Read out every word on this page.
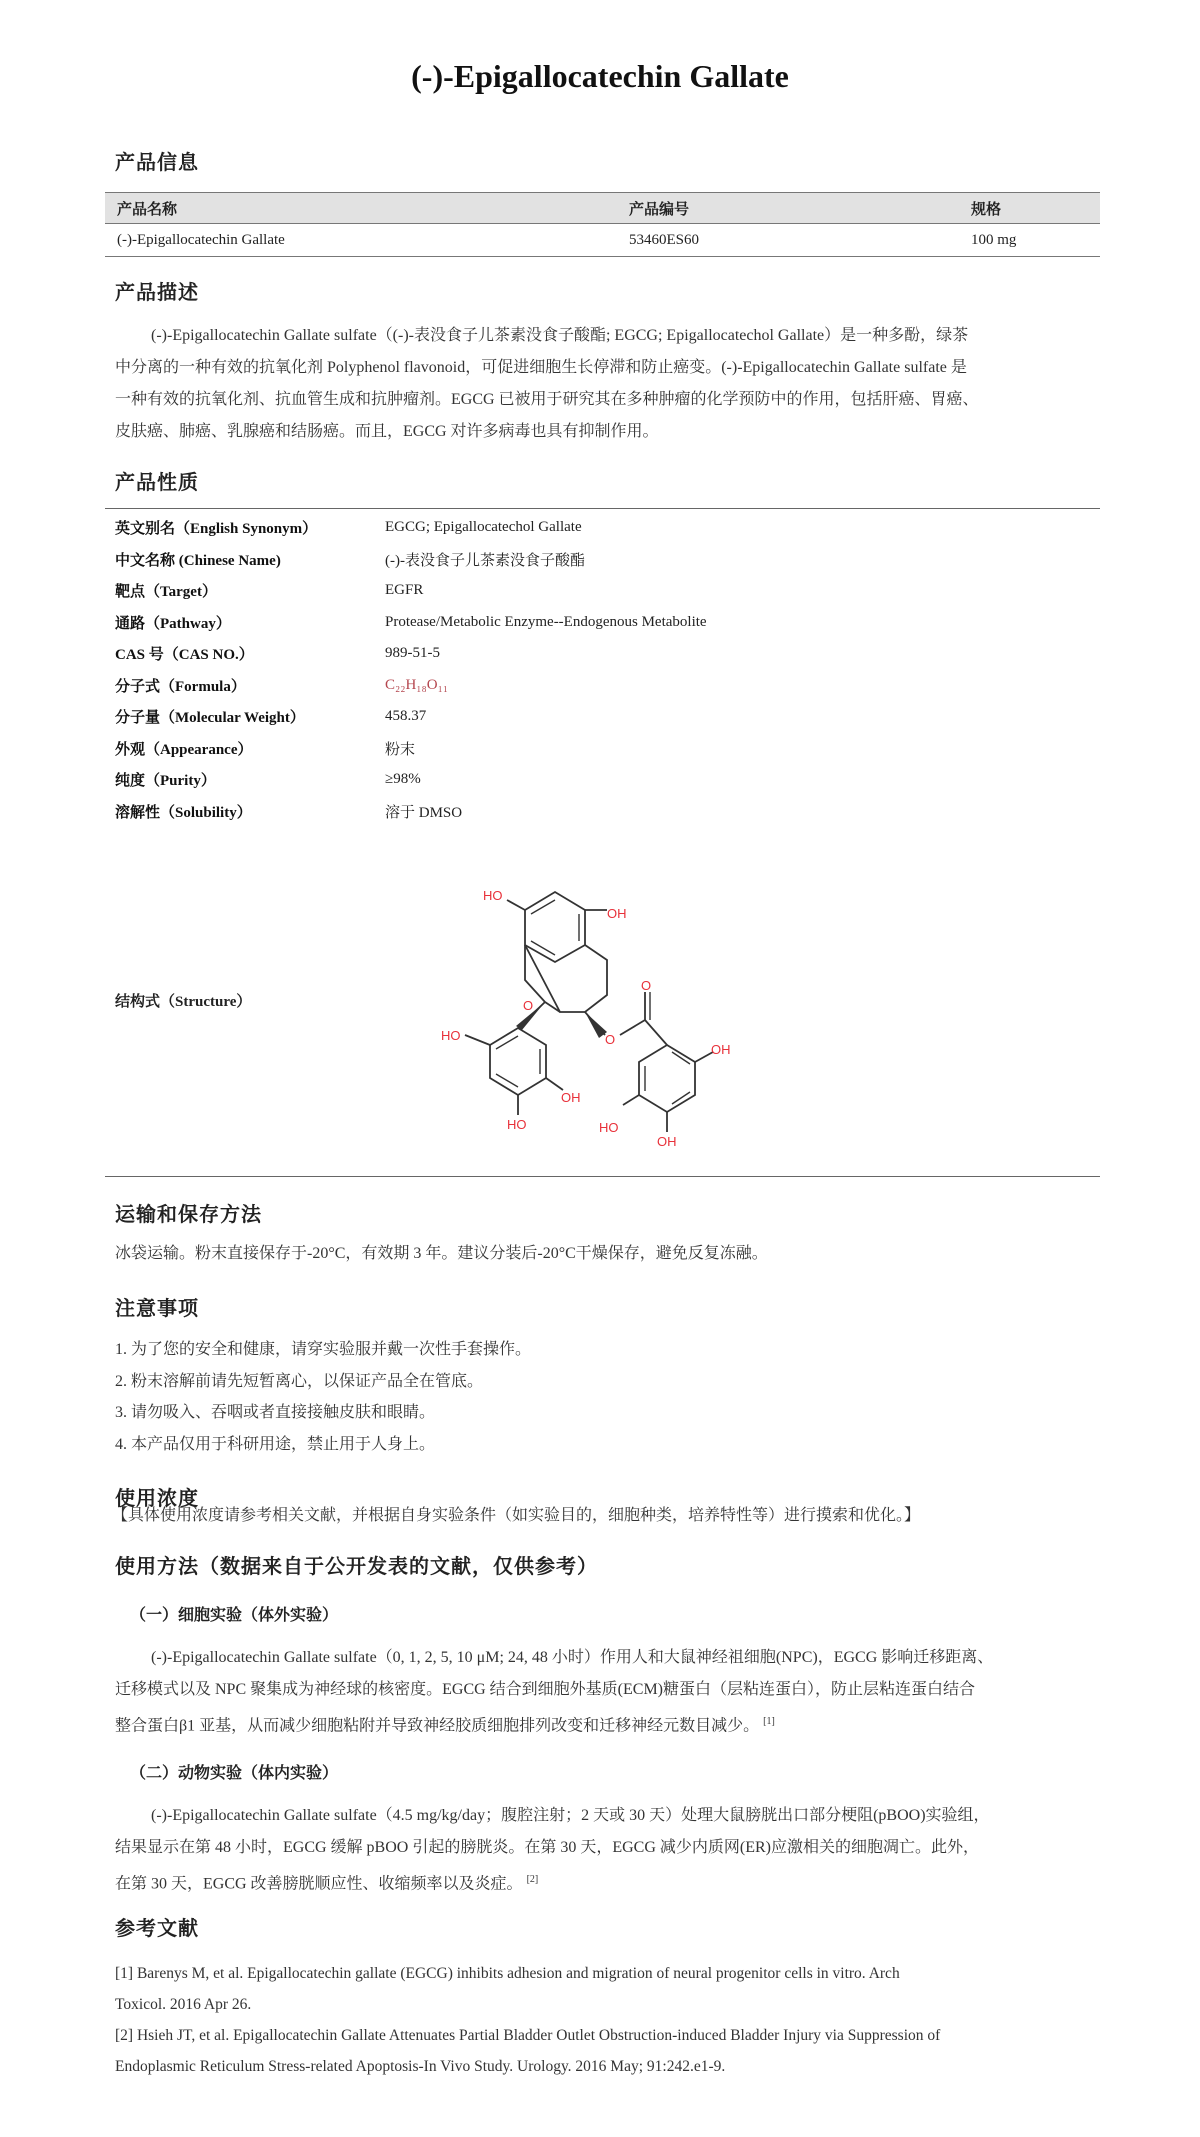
(-)-Epigallocatechin Gallate
产品信息
产品名称	产品编号	规格
(-)-Epigallocatechin Gallate	53460ES60	100 mg
产品描述
(-)-Epigallocatechin Gallate sulfate（(-)-表没食子儿茶素没食子酸酯; EGCG; Epigallocatechol Gallate）是一种多酚，绿茶
中分离的一种有效的抗氧化剂 Polyphenol flavonoid，可促进细胞生长停滞和防止癌变。(-)-Epigallocatechin Gallate sulfate 是
一种有效的抗氧化剂、抗血管生成和抗肿瘤剂。EGCG 已被用于研究其在多种肿瘤的化学预防中的作用，包括肝癌、胃癌、
皮肤癌、肺癌、乳腺癌和结肠癌。而且，EGCG 对许多病毒也具有抑制作用。
产品性质
英文别名（English Synonym）	EGCG; Epigallocatechol Gallate
中文名称 (Chinese Name)	(-)-表没食子儿茶素没食子酸酯
靶点（Target）	EGFR
通路（Pathway）	Protease/Metabolic Enzyme--Endogenous Metabolite
CAS 号（CAS NO.）	989-51-5
分子式（Formula）	C₂₂H₁₈O₁₁
分子量（Molecular Weight）	458.37
外观（Appearance）	粉末
纯度（Purity）	≥98%
溶解性（Solubility）	溶于 DMSO
结构式（Structure）
HO
OH
O
O
O
HO
HO
OH
OH
HO
OH
运输和保存方法
冰袋运输。粉末直接保存于-20°C，有效期 3 年。建议分装后-20°C干燥保存，避免反复冻融。
注意事项
1. 为了您的安全和健康，请穿实验服并戴一次性手套操作。
2. 粉末溶解前请先短暂离心，以保证产品全在管底。
3. 请勿吸入、吞咽或者直接接触皮肤和眼睛。
4. 本产品仅用于科研用途，禁止用于人身上。
使用浓度
【具体使用浓度请参考相关文献，并根据自身实验条件（如实验目的，细胞种类，培养特性等）进行摸索和优化。】
使用方法（数据来自于公开发表的文献，仅供参考）
（一）细胞实验（体外实验）
(-)-Epigallocatechin Gallate sulfate（0, 1, 2, 5, 10 μM; 24, 48 小时）作用人和大鼠神经祖细胞(NPC)，EGCG 影响迁移距离、
迁移模式以及 NPC 聚集成为神经球的核密度。EGCG 结合到细胞外基质(ECM)糖蛋白（层粘连蛋白），防止层粘连蛋白结合
整合蛋白β1 亚基，从而减少细胞粘附并导致神经胶质细胞排列改变和迁移神经元数目减少。 [1]
（二）动物实验（体内实验）
(-)-Epigallocatechin Gallate sulfate（4.5 mg/kg/day；腹腔注射；2 天或 30 天）处理大鼠膀胱出口部分梗阻(pBOO)实验组，
结果显示在第 48 小时，EGCG 缓解 pBOO 引起的膀胱炎。在第 30 天，EGCG 减少内质网(ER)应激相关的细胞凋亡。此外，
在第 30 天，EGCG 改善膀胱顺应性、收缩频率以及炎症。 [2]
参考文献
[1] Barenys M, et al. Epigallocatechin gallate (EGCG) inhibits adhesion and migration of neural progenitor cells in vitro. Arch
Toxicol. 2016 Apr 26.
[2] Hsieh JT, et al. Epigallocatechin Gallate Attenuates Partial Bladder Outlet Obstruction-induced Bladder Injury via Suppression of
Endoplasmic Reticulum Stress-related Apoptosis-In Vivo Study. Urology. 2016 May; 91:242.e1-9.
